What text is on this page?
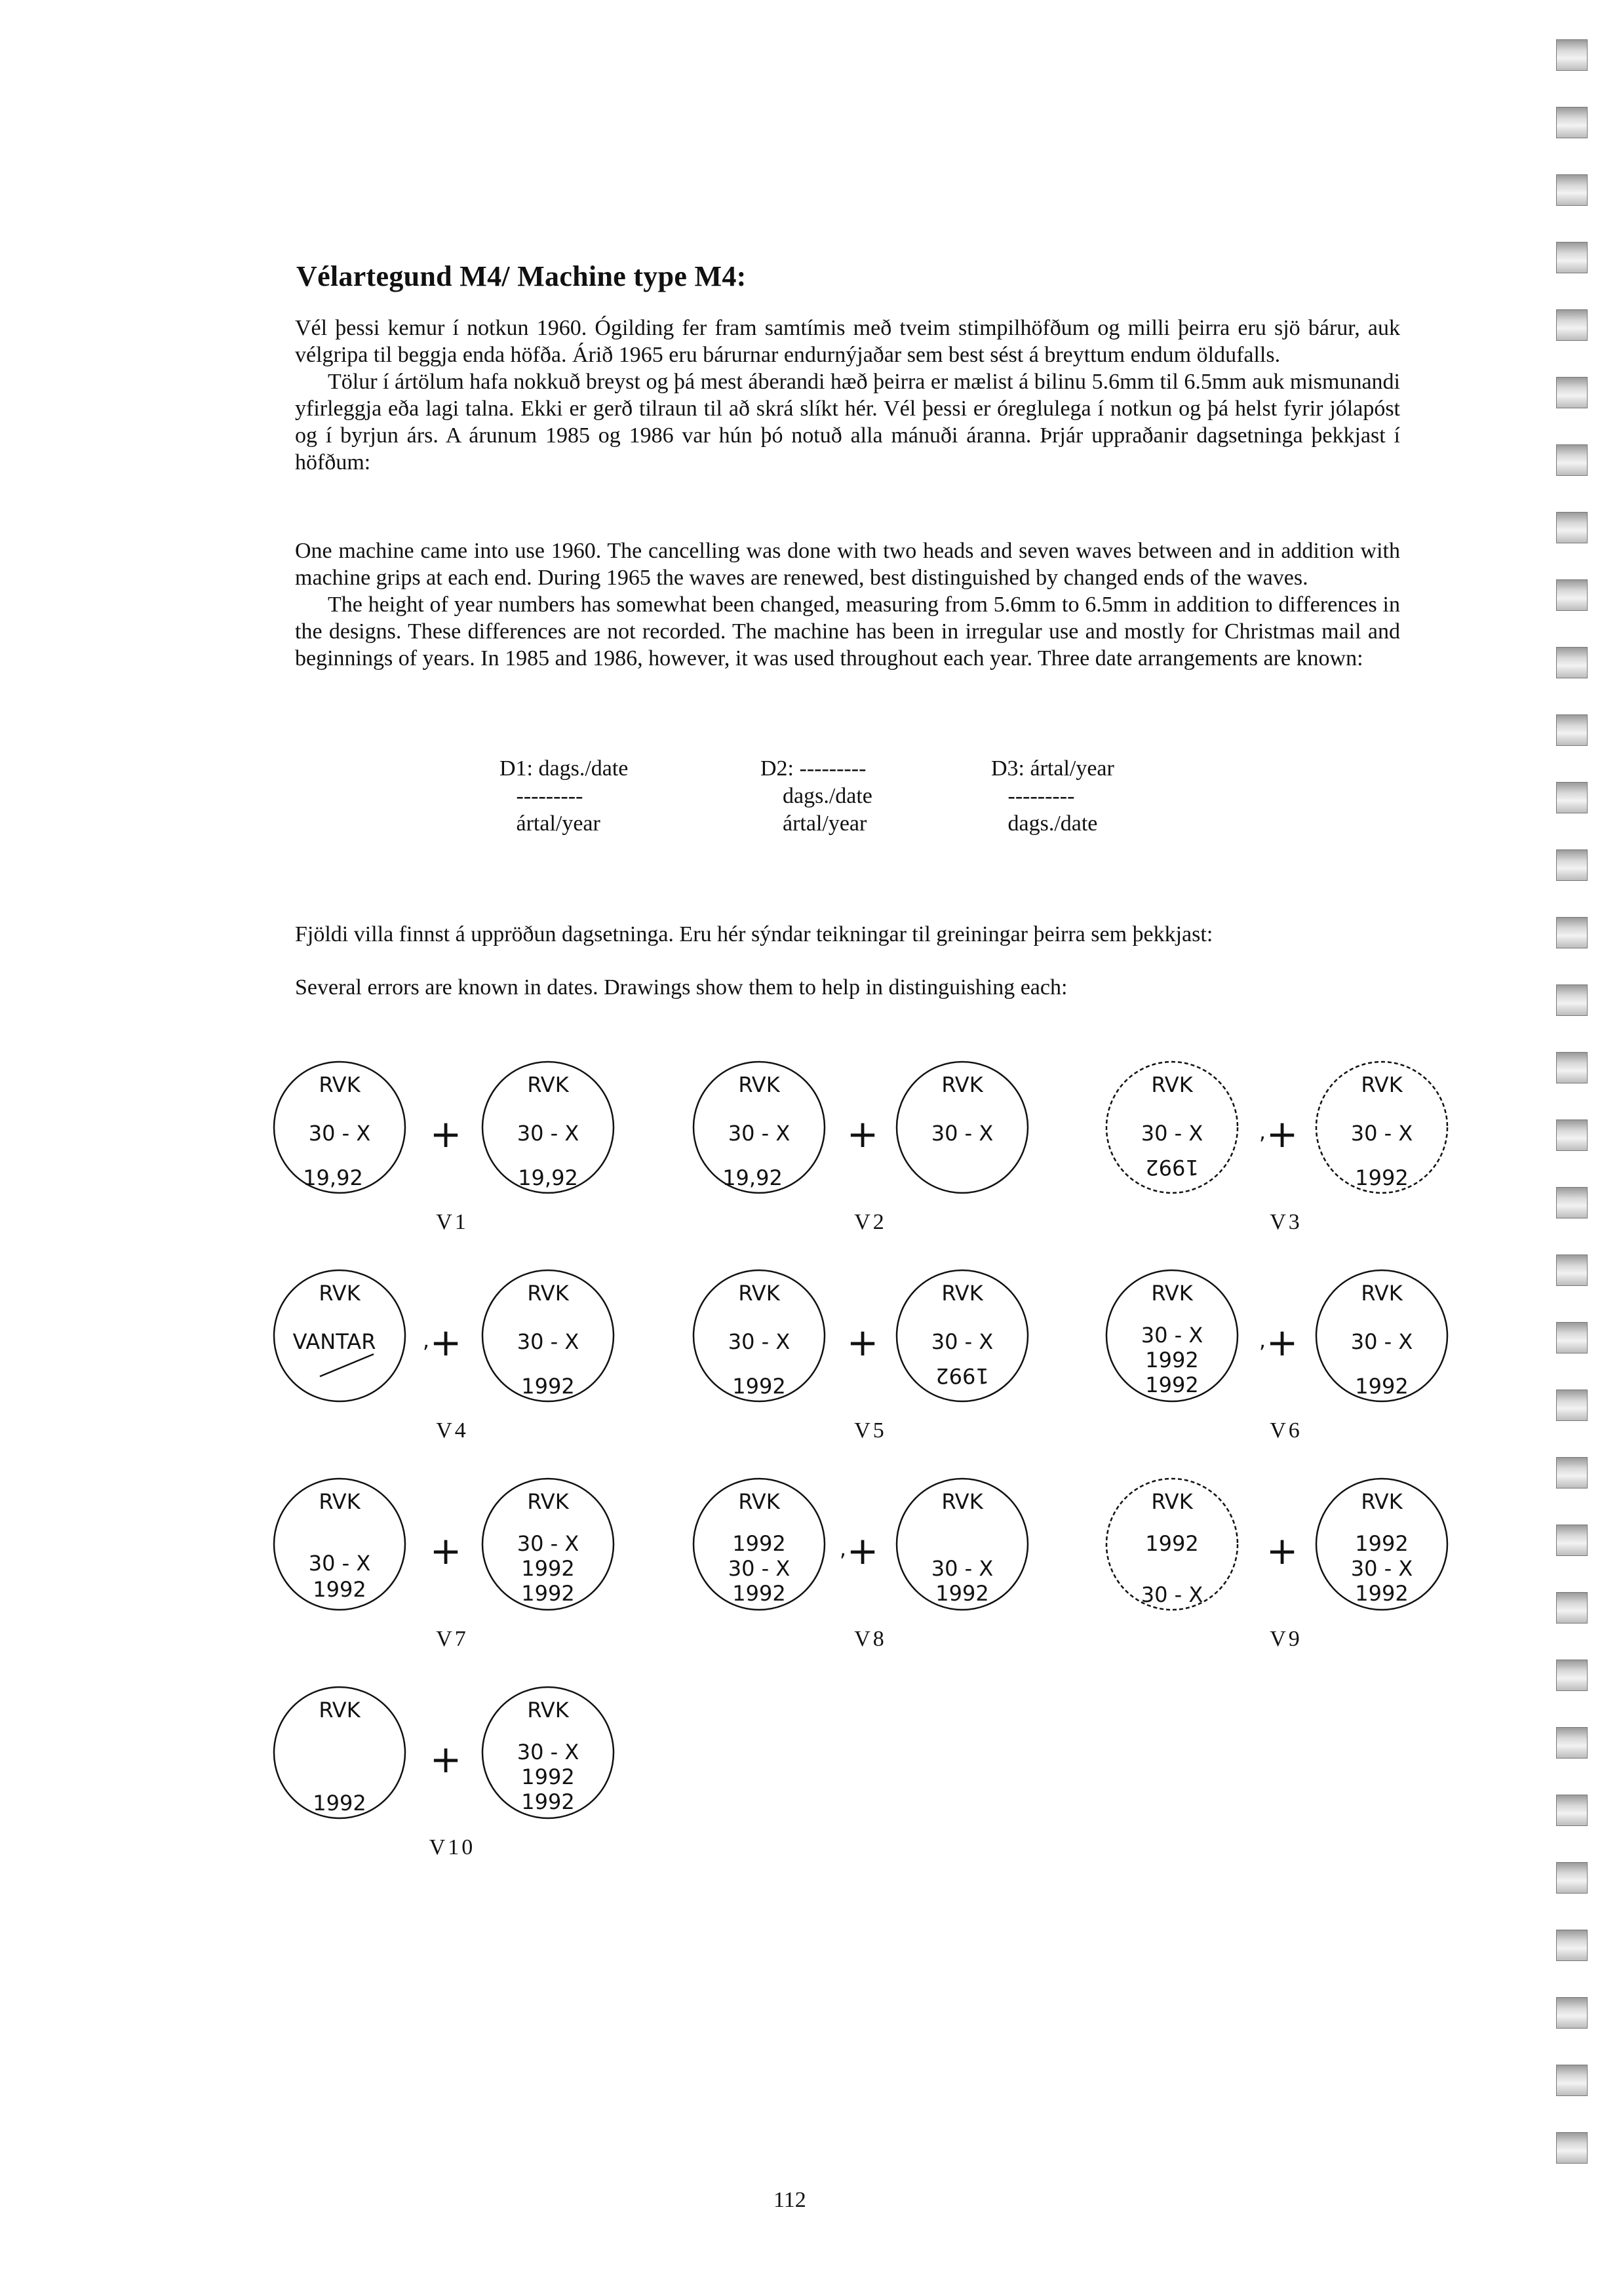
Vélartegund M4/ Machine type M4:
Vél þessi kemur í notkun 1960. Ógilding fer fram samtímis með tveim stimpilhöfðum og milli þeirra eru sjö bárur, auk vélgripa til beggja enda höfða. Árið 1965 eru bárurnar endurnýjaðar sem best sést á breyttum endum öldufalls.
Tölur í ártölum hafa nokkuð breyst og þá mest áberandi hæð þeirra er mælist á bilinu 5.6mm til 6.5mm auk mismunandi yfirleggja eða lagi talna. Ekki er gerð tilraun til að skrá slíkt hér. Vél þessi er óreglulega í notkun og þá helst fyrir jólapóst og í byrjun árs. A árunum 1985 og 1986 var hún þó notuð alla mánuði áranna. Þrjár uppraðanir dagsetninga þekkjast í höfðum:
One machine came into use 1960. The cancelling was done with two heads and seven waves between and in addition with machine grips at each end. During 1965 the waves are renewed, best distinguished by changed ends of the waves.
The height of year numbers has somewhat been changed, measuring from 5.6mm to 6.5mm in addition to differences in the designs. These differences are not recorded. The machine has been in irregular use and mostly for Christmas mail and beginnings of years. In 1985 and 1986, however, it was used throughout each year. Three date arrangements are known:
D1: dags./date
---------
ártal/year
D2: ---------
dags./date
ártal/year
D3: ártal/year
---------
dags./date
Fjöldi villa finnst á uppröðun dagsetninga. Eru hér sýndar teikningar til greiningar þeirra sem þekkjast:
Several errors are known in dates. Drawings show them to help in distinguishing each:
RVK
30 - X
19,92
+
RVK
30 - X
19,92
V1
RVK
30 - X
19,92
+
RVK
30 - X
V2
RVK
30 - X
1992
+
,
RVK
30 - X
1992
V3
RVK
VANTAR +
,
RVK
30 - X
1992
V4
RVK
30 - X
1992
+
RVK
30 - X
1992
V5
RVK
30 - X
1992
1992
+
,
RVK
30 - X
1992
V6
RVK
30 - X
1992
+
RVK
30 - X
1992
1992
V7
RVK
1992
30 - X
1992
+
,
RVK
30 - X
1992
V8
RVK
1992
30 - X
+
RVK
1992
30 - X
1992
V9
RVK
1992
+
RVK
30 - X
1992
1992
V10
112
